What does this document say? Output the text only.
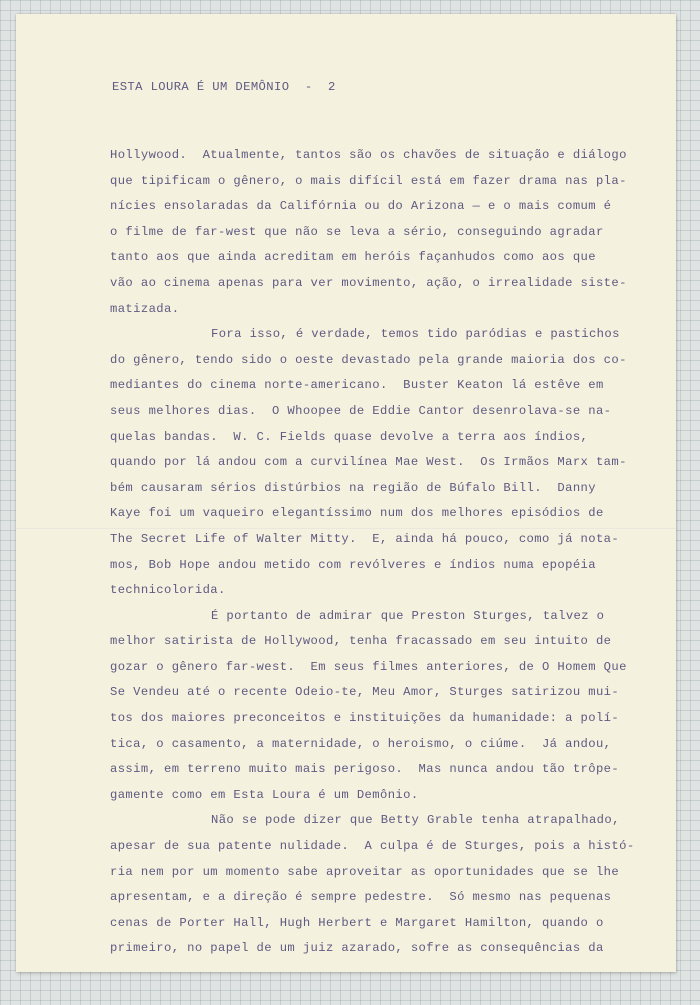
ESTA LOURA É UM DEMÔNIO  -  2

Hollywood.  Atualmente, tantos são os chavões de situação e diálogo

que tipificam o gênero, o mais difícil está em fazer drama nas pla-

nícies ensolaradas da Califórnia ou do Arizona — e o mais comum é

o filme de far-west que não se leva a sério, conseguindo agradar

tanto aos que ainda acreditam em heróis façanhudos como aos que

vão ao cinema apenas para ver movimento, ação, o irrealidade siste-

matizada.

Fora isso, é verdade, temos tido paródias e pastichos

do gênero, tendo sido o oeste devastado pela grande maioria dos co-

mediantes do cinema norte-americano.  Buster Keaton lá estêve em

seus melhores dias.  O Whoopee de Eddie Cantor desenrolava-se na-

quelas bandas.  W. C. Fields quase devolve a terra aos índios,

quando por lá andou com a curvilínea Mae West.  Os Irmãos Marx tam-

bém causaram sérios distúrbios na região de Búfalo Bill.  Danny

Kaye foi um vaqueiro elegantíssimo num dos melhores episódios de

The Secret Life of Walter Mitty.  E, ainda há pouco, como já nota-

mos, Bob Hope andou metido com revólveres e índios numa epopéia

technicolorida.

É portanto de admirar que Preston Sturges, talvez o

melhor satirista de Hollywood, tenha fracassado em seu intuito de

gozar o gênero far-west.  Em seus filmes anteriores, de O Homem Que

Se Vendeu até o recente Odeio-te, Meu Amor, Sturges satirizou mui-

tos dos maiores preconceitos e instituições da humanidade: a polí-

tica, o casamento, a maternidade, o heroismo, o ciúme.  Já andou,

assim, em terreno muito mais perigoso.  Mas nunca andou tão trôpe-

gamente como em Esta Loura é um Demônio.

Não se pode dizer que Betty Grable tenha atrapalhado,

apesar de sua patente nulidade.  A culpa é de Sturges, pois a histó-

ria nem por um momento sabe aproveitar as oportunidades que se lhe

apresentam, e a direção é sempre pedestre.  Só mesmo nas pequenas

cenas de Porter Hall, Hugh Herbert e Margaret Hamilton, quando o

primeiro, no papel de um juiz azarado, sofre as consequências da
